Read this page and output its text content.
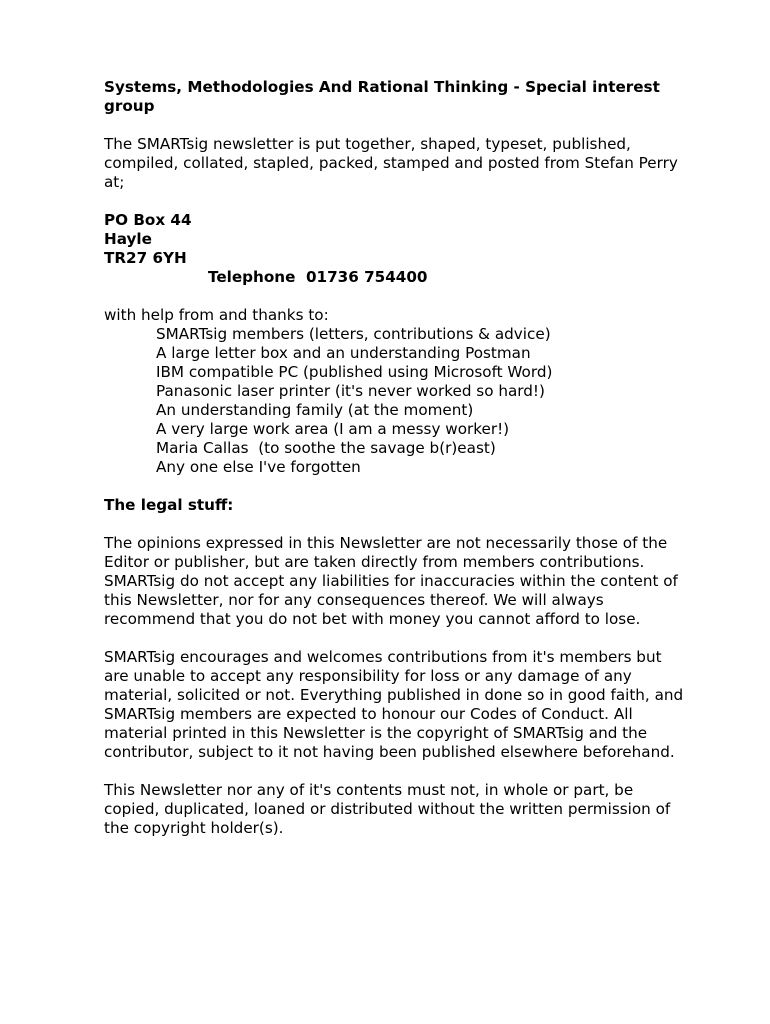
Systems, Methodologies And Rational Thinking - Special interest group

The SMARTsig newsletter is put together, shaped, typeset, published, compiled, collated, stapled, packed, stamped and posted from Stefan Perry at;

PO Box 44
Hayle
TR27 6YH
Telephone  01736 754400
with help from and thanks to:
SMARTsig members (letters, contributions & advice)
A large letter box and an understanding Postman
IBM compatible PC (published using Microsoft Word)
Panasonic laser printer (it's never worked so hard!)
An understanding family (at the moment)
A very large work area (I am a messy worker!)
Maria Callas  (to soothe the savage b(r)east)
Any one else I've forgotten
The legal stuff:

The opinions expressed in this Newsletter are not necessarily those of the Editor or publisher, but are taken directly from members contributions. SMARTsig do not accept any liabilities for inaccuracies within the content of this Newsletter, nor for any consequences thereof. We will always recommend that you do not bet with money you cannot afford to lose.

SMARTsig encourages and welcomes contributions from it's members but are unable to accept any responsibility for loss or any damage of any material, solicited or not. Everything published in done so in good faith, and SMARTsig members are expected to honour our Codes of Conduct. All material printed in this Newsletter is the copyright of SMARTsig and the contributor, subject to it not having been published elsewhere beforehand.

This Newsletter nor any of it's contents must not, in whole or part, be copied, duplicated, loaned or distributed without the written permission of the copyright holder(s).
